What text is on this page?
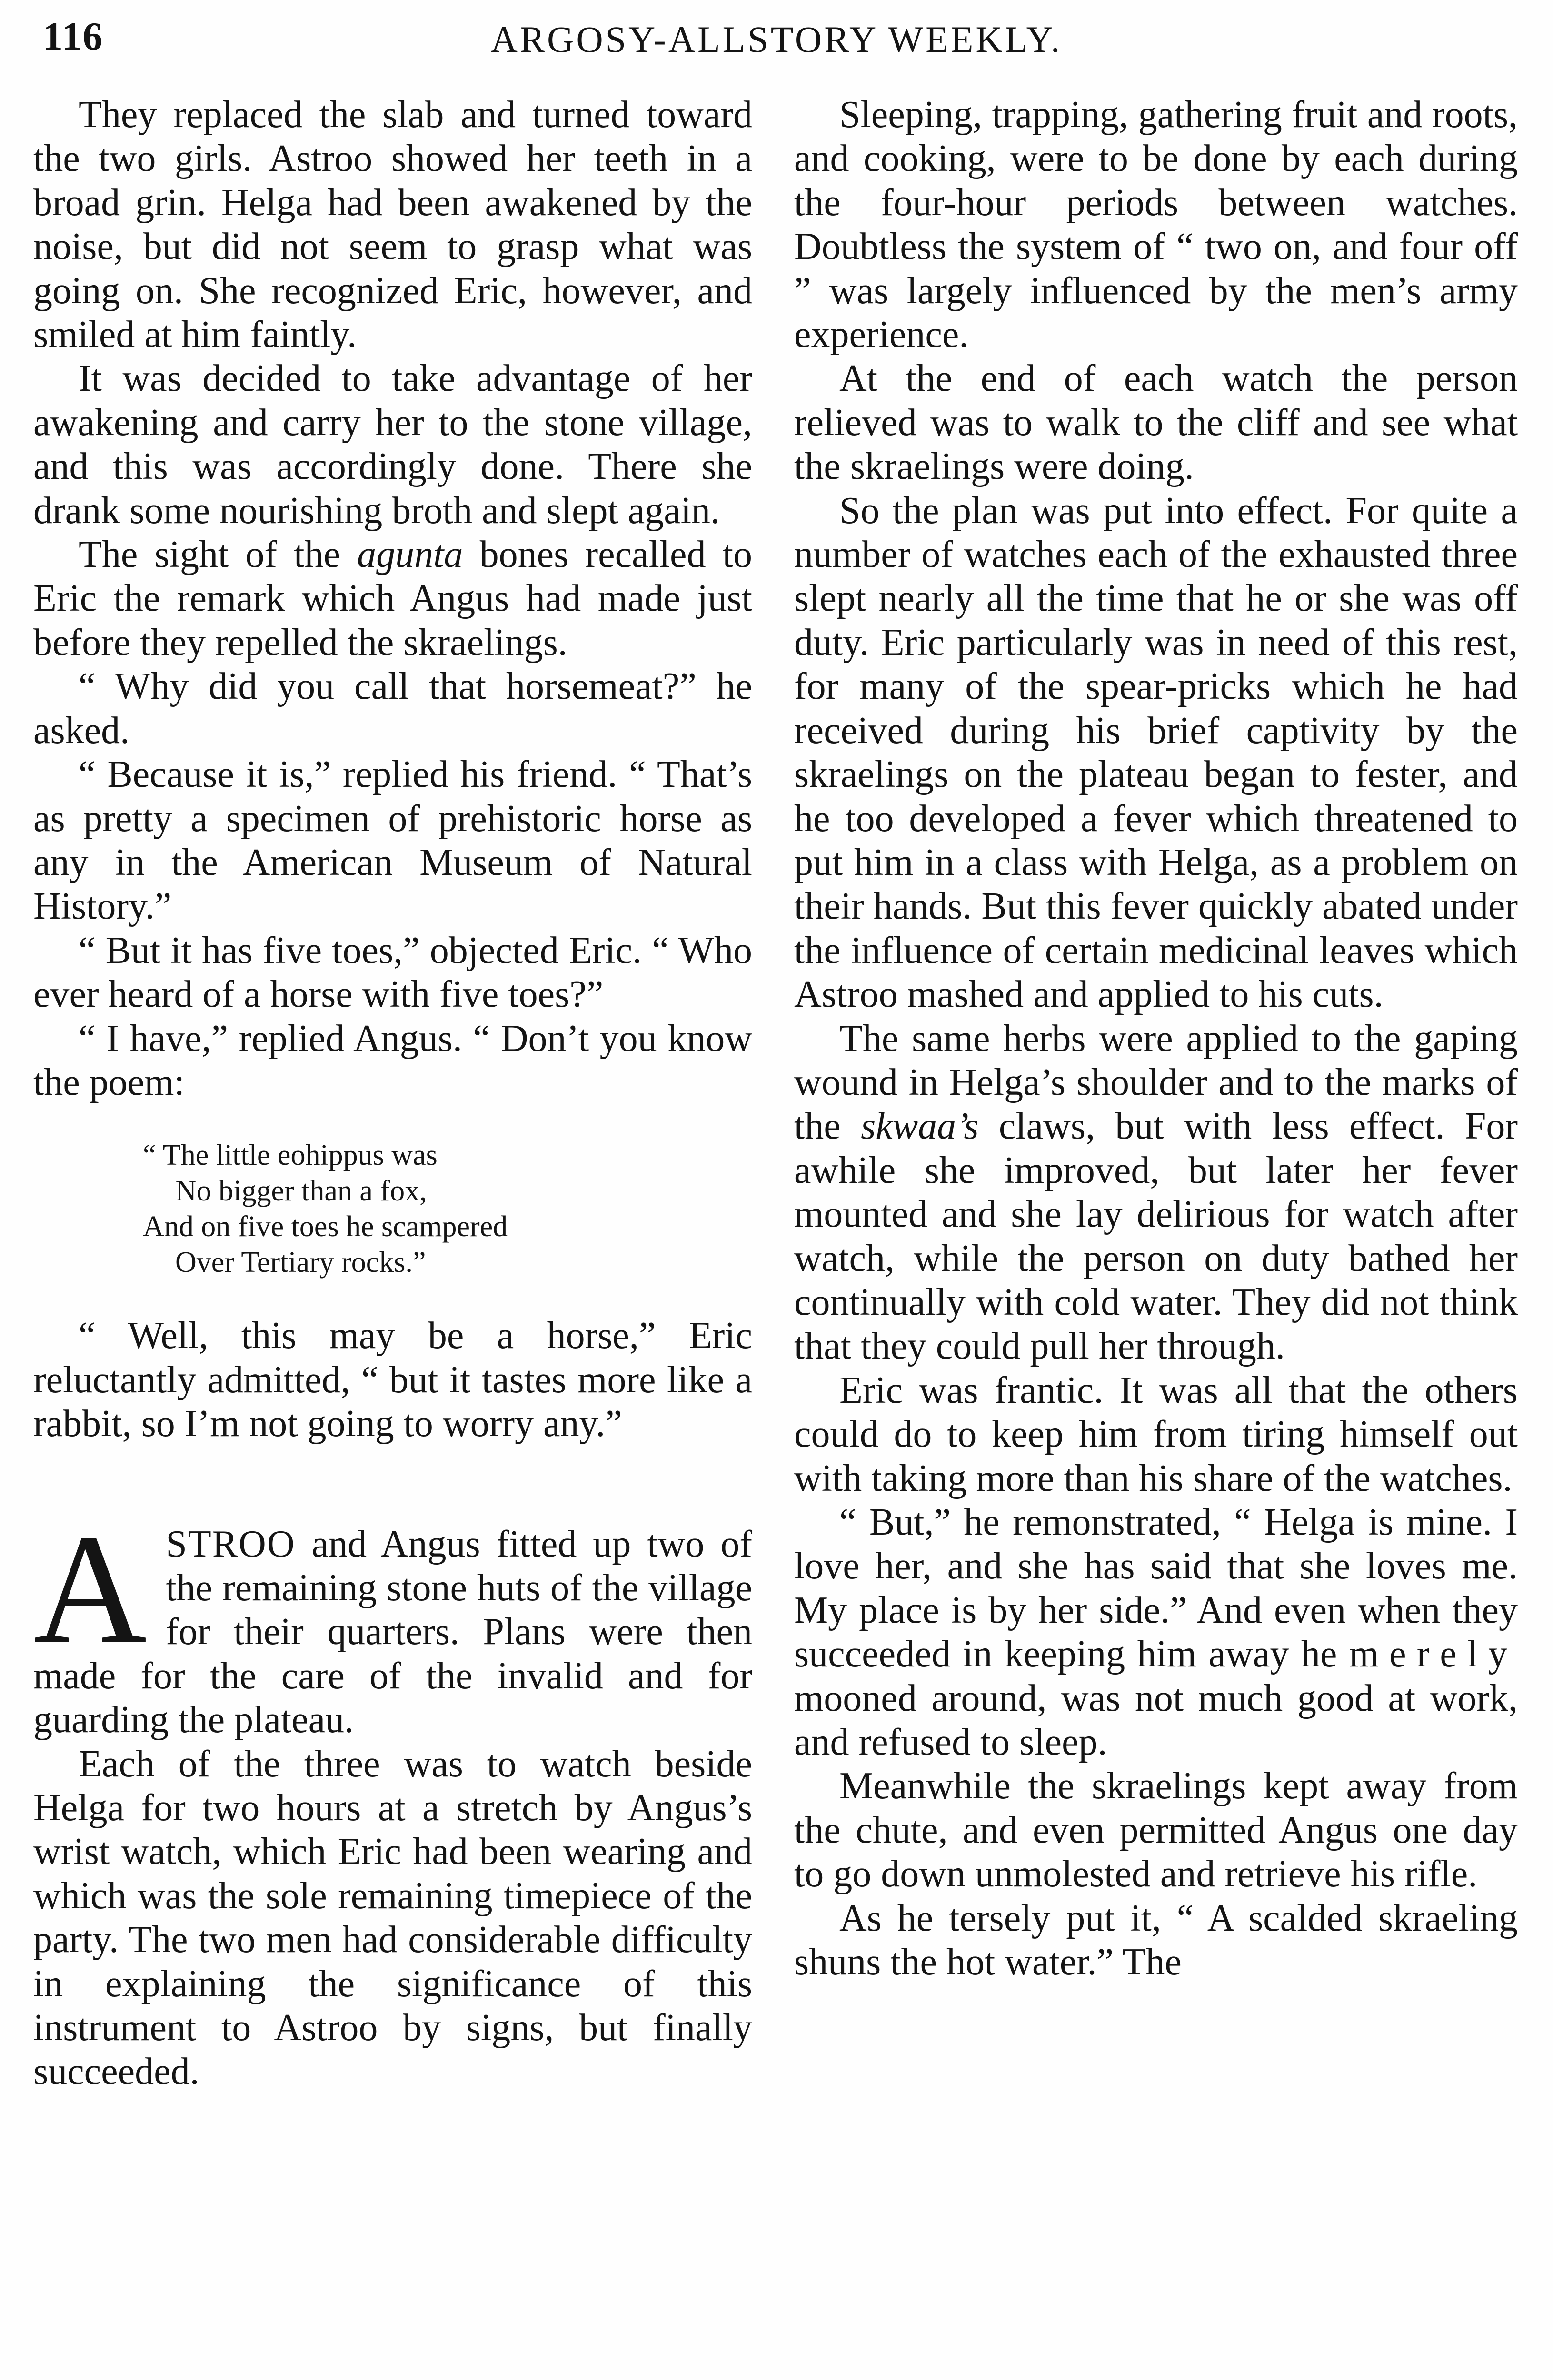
116	ARGOSY-ALLSTORY WEEKLY.

They replaced the slab and turned toward the two girls. Astroo showed her teeth in a broad grin. Helga had been awakened by the noise, but did not seem to grasp what was going on. She recognized Eric, however, and smiled at him faintly.

It was decided to take advantage of her awakening and carry her to the stone village, and this was accordingly done. There she drank some nourishing broth and slept again.

The sight of the agunta bones recalled to Eric the remark which Angus had made just before they repelled the skraelings.

“ Why did you call that horsemeat?” he asked.

“ Because it is,” replied his friend. “ That’s as pretty a specimen of prehistoric horse as any in the American Museum of Natural History.”

“ But it has five toes,” objected Eric. “ Who ever heard of a horse with five toes?”

“ I have,” replied Angus. “ Don’t you know the poem:

“ The little eohippus was
No bigger than a fox,
And on five toes he scampered
Over Tertiary rocks.”

“ Well, this may be a horse,” Eric reluctantly admitted, “ but it tastes more like a rabbit, so I’m not going to worry any.”

ASTROO and Angus fitted up two of the remaining stone huts of the village for their quarters. Plans were then made for the care of the invalid and for guarding the plateau.

Each of the three was to watch beside Helga for two hours at a stretch by Angus’s wrist watch, which Eric had been wearing and which was the sole remaining timepiece of the party. The two men had considerable difficulty in explaining the significance of this instrument to Astroo by signs, but finally succeeded.

Sleeping, trapping, gathering fruit and roots, and cooking, were to be done by each during the four-hour periods between watches. Doubtless the system of “ two on, and four off ” was largely influenced by the men’s army experience.

At the end of each watch the person relieved was to walk to the cliff and see what the skraelings were doing.

So the plan was put into effect. For quite a number of watches each of the exhausted three slept nearly all the time that he or she was off duty. Eric particularly was in need of this rest, for many of the spear-pricks which he had received during his brief captivity by the skraelings on the plateau began to fester, and he too developed a fever which threatened to put him in a class with Helga, as a problem on their hands. But this fever quickly abated under the influence of certain medicinal leaves which Astroo mashed and applied to his cuts.

The same herbs were applied to the gaping wound in Helga’s shoulder and to the marks of the skwaa’s claws, but with less effect. For awhile she improved, but later her fever mounted and she lay delirious for watch after watch, while the person on duty bathed her continually with cold water. They did not think that they could pull her through.

Eric was frantic. It was all that the others could do to keep him from tiring himself out with taking more than his share of the watches.

“ But,” he remonstrated, “ Helga is mine. I love her, and she has said that she loves me. My place is by her side.” And even when they succeeded in keeping him away he merely mooned around, was not much good at work, and refused to sleep.

Meanwhile the skraelings kept away from the chute, and even permitted Angus one day to go down unmolested and retrieve his rifle.

As he tersely put it, “ A scalded skraeling shuns the hot water.” The
